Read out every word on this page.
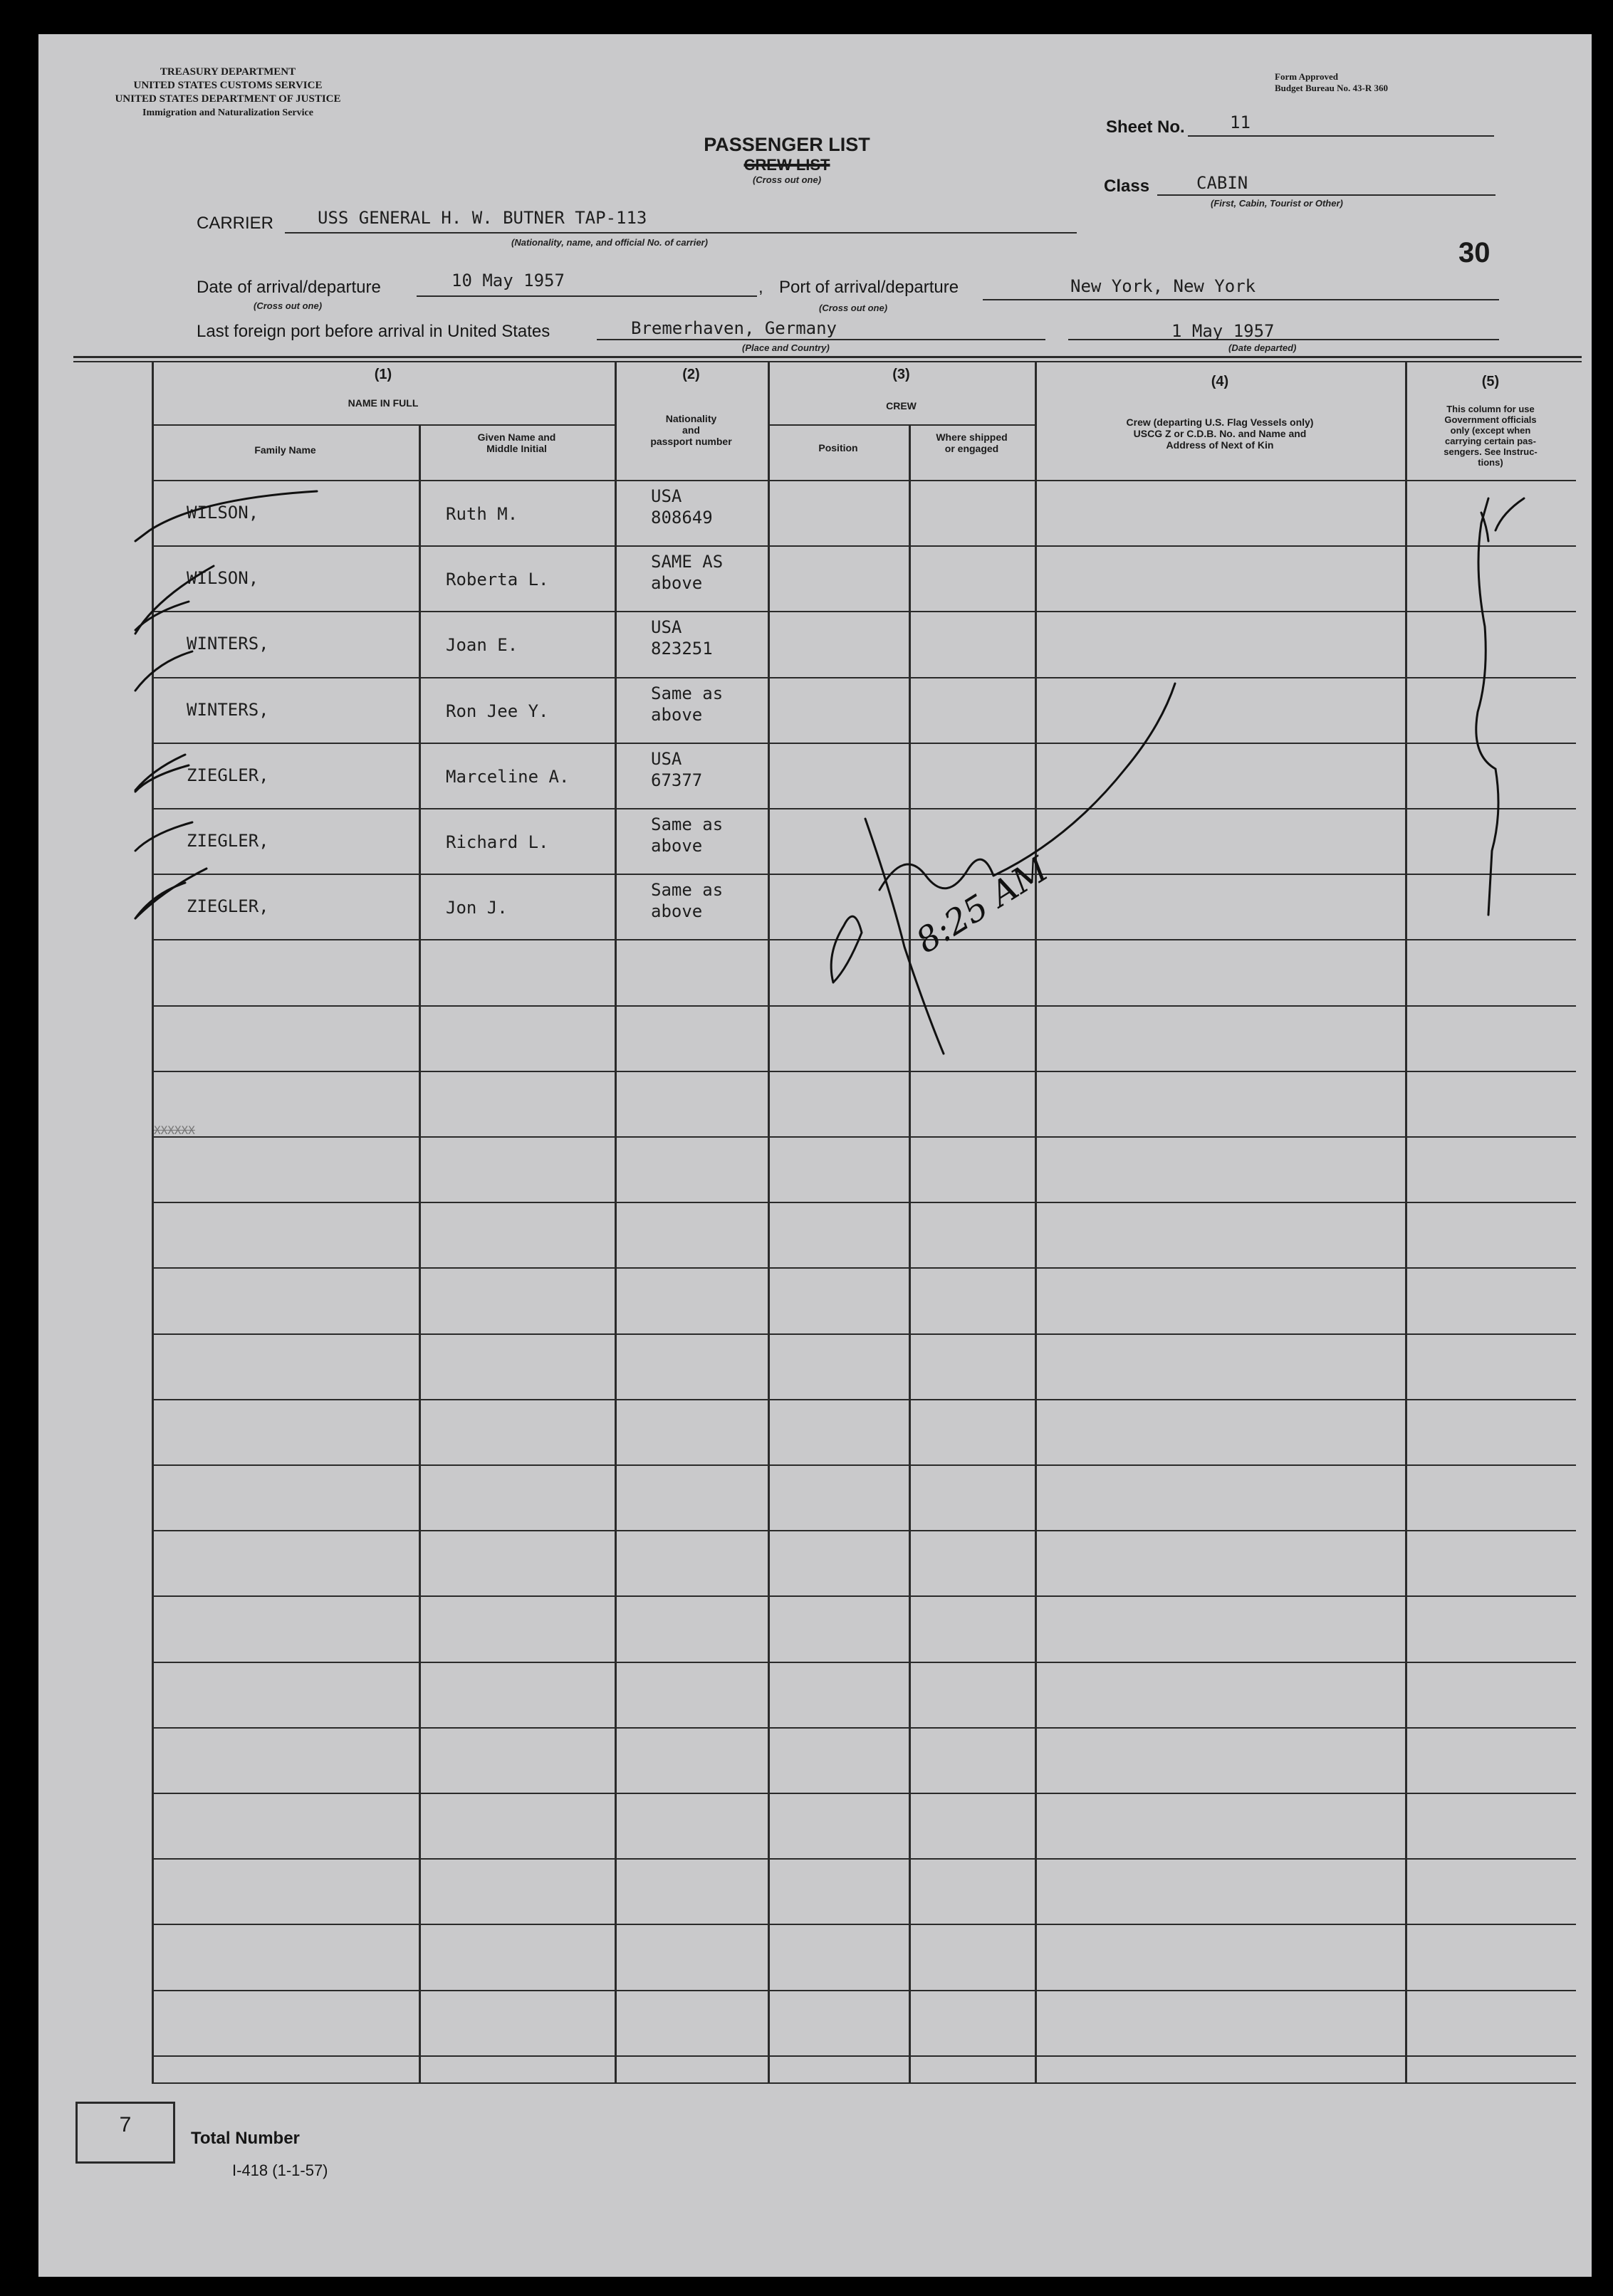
TREASURY DEPARTMENT
UNITED STATES CUSTOMS SERVICE
UNITED STATES DEPARTMENT OF JUSTICE
Immigration and Naturalization Service
Form Approved
Budget Bureau No. 43-R 360
PASSENGER LIST
CREW LIST
(Cross out one)
Sheet No.	11
Class	CABIN
(First, Cabin, Tourist or Other)
30
CARRIER	USS GENERAL H. W. BUTNER TAP-113
(Nationality, name, and official No. of carrier)
Date of arrival/departure	10 May 1957	,
(Cross out one)
Port of arrival/departure	New York, New York
(Cross out one)
Last foreign port before arrival in United States	Bremerhaven, Germany
(Place and Country)
1 May 1957
(Date departed)
(1)
NAME IN FULL
Family Name
Given Name and
Middle Initial
(2)
Nationality
and
passport number
(3)
CREW
Position
Where shipped
or engaged
(4)
Crew (departing U.S. Flag Vessels only)
USCG Z or C.D.B. No. and Name and
Address of Next of Kin
(5)
This column for use
Government officials
only (except when
carrying certain pas-
sengers. See Instruc-
tions)
WILSON,	Ruth M.
USA
808649
WILSON,	Roberta L.
SAME AS
above
WINTERS,	Joan E.
USA
823251
WINTERS,	Ron Jee Y.
Same as
above
ZIEGLER,	Marceline A.
USA
67377
ZIEGLER,	Richard L.
Same as
above
ZIEGLER,	Jon J.
Same as
above
XXXXXX
8:25 AM
7
Total Number
I-418 (1-1-57)
